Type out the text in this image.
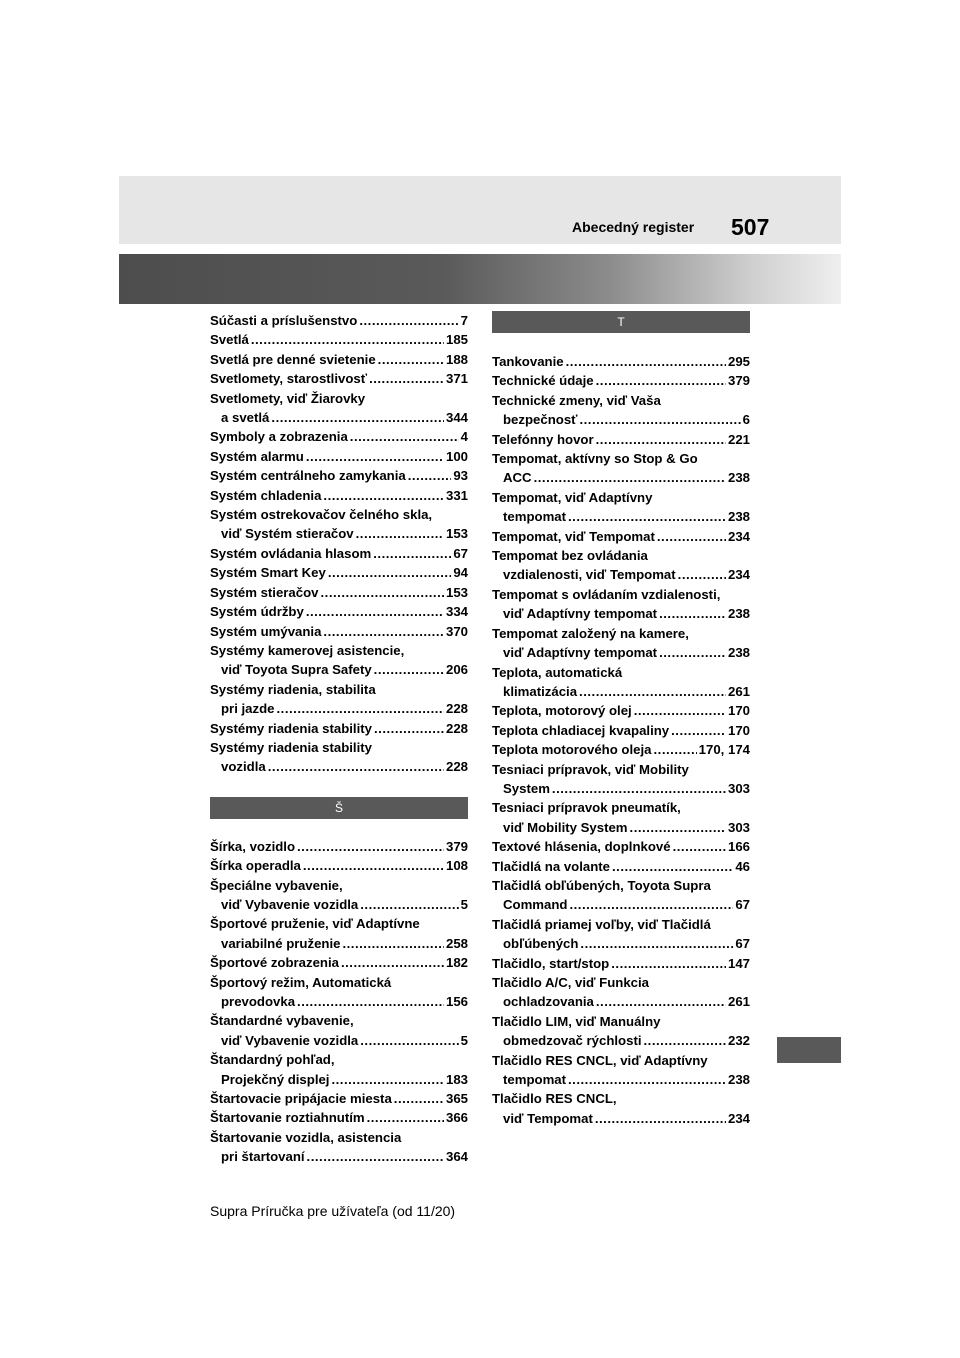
Abecedný register 507
Súčasti a príslušenstvo .....	7
Svetlá .....	185
Svetlá pre denné svietenie .....	188
Svetlomety, starostlivosť .....	371
Svetlomety, viď Žiarovky
a svetlá .....	344
Symboly a zobrazenia .....	4
Systém alarmu .....	100
Systém centrálneho zamykania .....	93
Systém chladenia .....	331
Systém ostrekovačov čelného skla,
viď Systém stieračov .....	153
Systém ovládania hlasom .....	67
Systém Smart Key .....	94
Systém stieračov .....	153
Systém údržby .....	334
Systém umývania .....	370
Systémy kamerovej asistencie,
viď Toyota Supra Safety .....	206
Systémy riadenia, stabilita
pri jazde .....	228
Systémy riadenia stability .....	228
Systémy riadenia stability
vozidla .....	228
Š
Šírka, vozidlo .....	379
Šírka operadla .....	108
Špeciálne vybavenie,
viď Vybavenie vozidla .....	5
Športové pruženie, viď Adaptívne
variabilné pruženie .....	258
Športové zobrazenia .....	182
Športový režim, Automatická
prevodovka .....	156
Štandardné vybavenie,
viď Vybavenie vozidla .....	5
Štandardný pohľad,
Projekčný displej .....	183
Štartovacie pripájacie miesta .....	365
Štartovanie roztiahnutím .....	366
Štartovanie vozidla, asistencia
pri štartovaní .....	364
T
Tankovanie .....	295
Technické údaje .....	379
Technické zmeny, viď Vaša
bezpečnosť .....	6
Telefónny hovor .....	221
Tempomat, aktívny so Stop & Go
ACC .....	238
Tempomat, viď Adaptívny
tempomat .....	238
Tempomat, viď Tempomat .....	234
Tempomat bez ovládania
vzdialenosti, viď Tempomat .....	234
Tempomat s ovládaním vzdialenosti,
viď Adaptívny tempomat .....	238
Tempomat založený na kamere,
viď Adaptívny tempomat .....	238
Teplota, automatická
klimatizácia .....	261
Teplota, motorový olej .....	170
Teplota chladiacej kvapaliny .....	170
Teplota motorového oleja .....	170, 174
Tesniaci prípravok, viď Mobility
System .....	303
Tesniaci prípravok pneumatík,
viď Mobility System .....	303
Textové hlásenia, doplnkové .....	166
Tlačidlá na volante .....	46
Tlačidlá obľúbených, Toyota Supra
Command .....	67
Tlačidlá priamej voľby, viď Tlačidlá
obľúbených .....	67
Tlačidlo, start/stop .....	147
Tlačidlo A/C, viď Funkcia
ochladzovania .....	261
Tlačidlo LIM, viď Manuálny
obmedzovač rýchlosti .....	232
Tlačidlo RES CNCL, viď Adaptívny
tempomat .....	238
Tlačidlo RES CNCL,
viď Tempomat .....	234
Supra Príručka pre užívateľa (od 11/20)
